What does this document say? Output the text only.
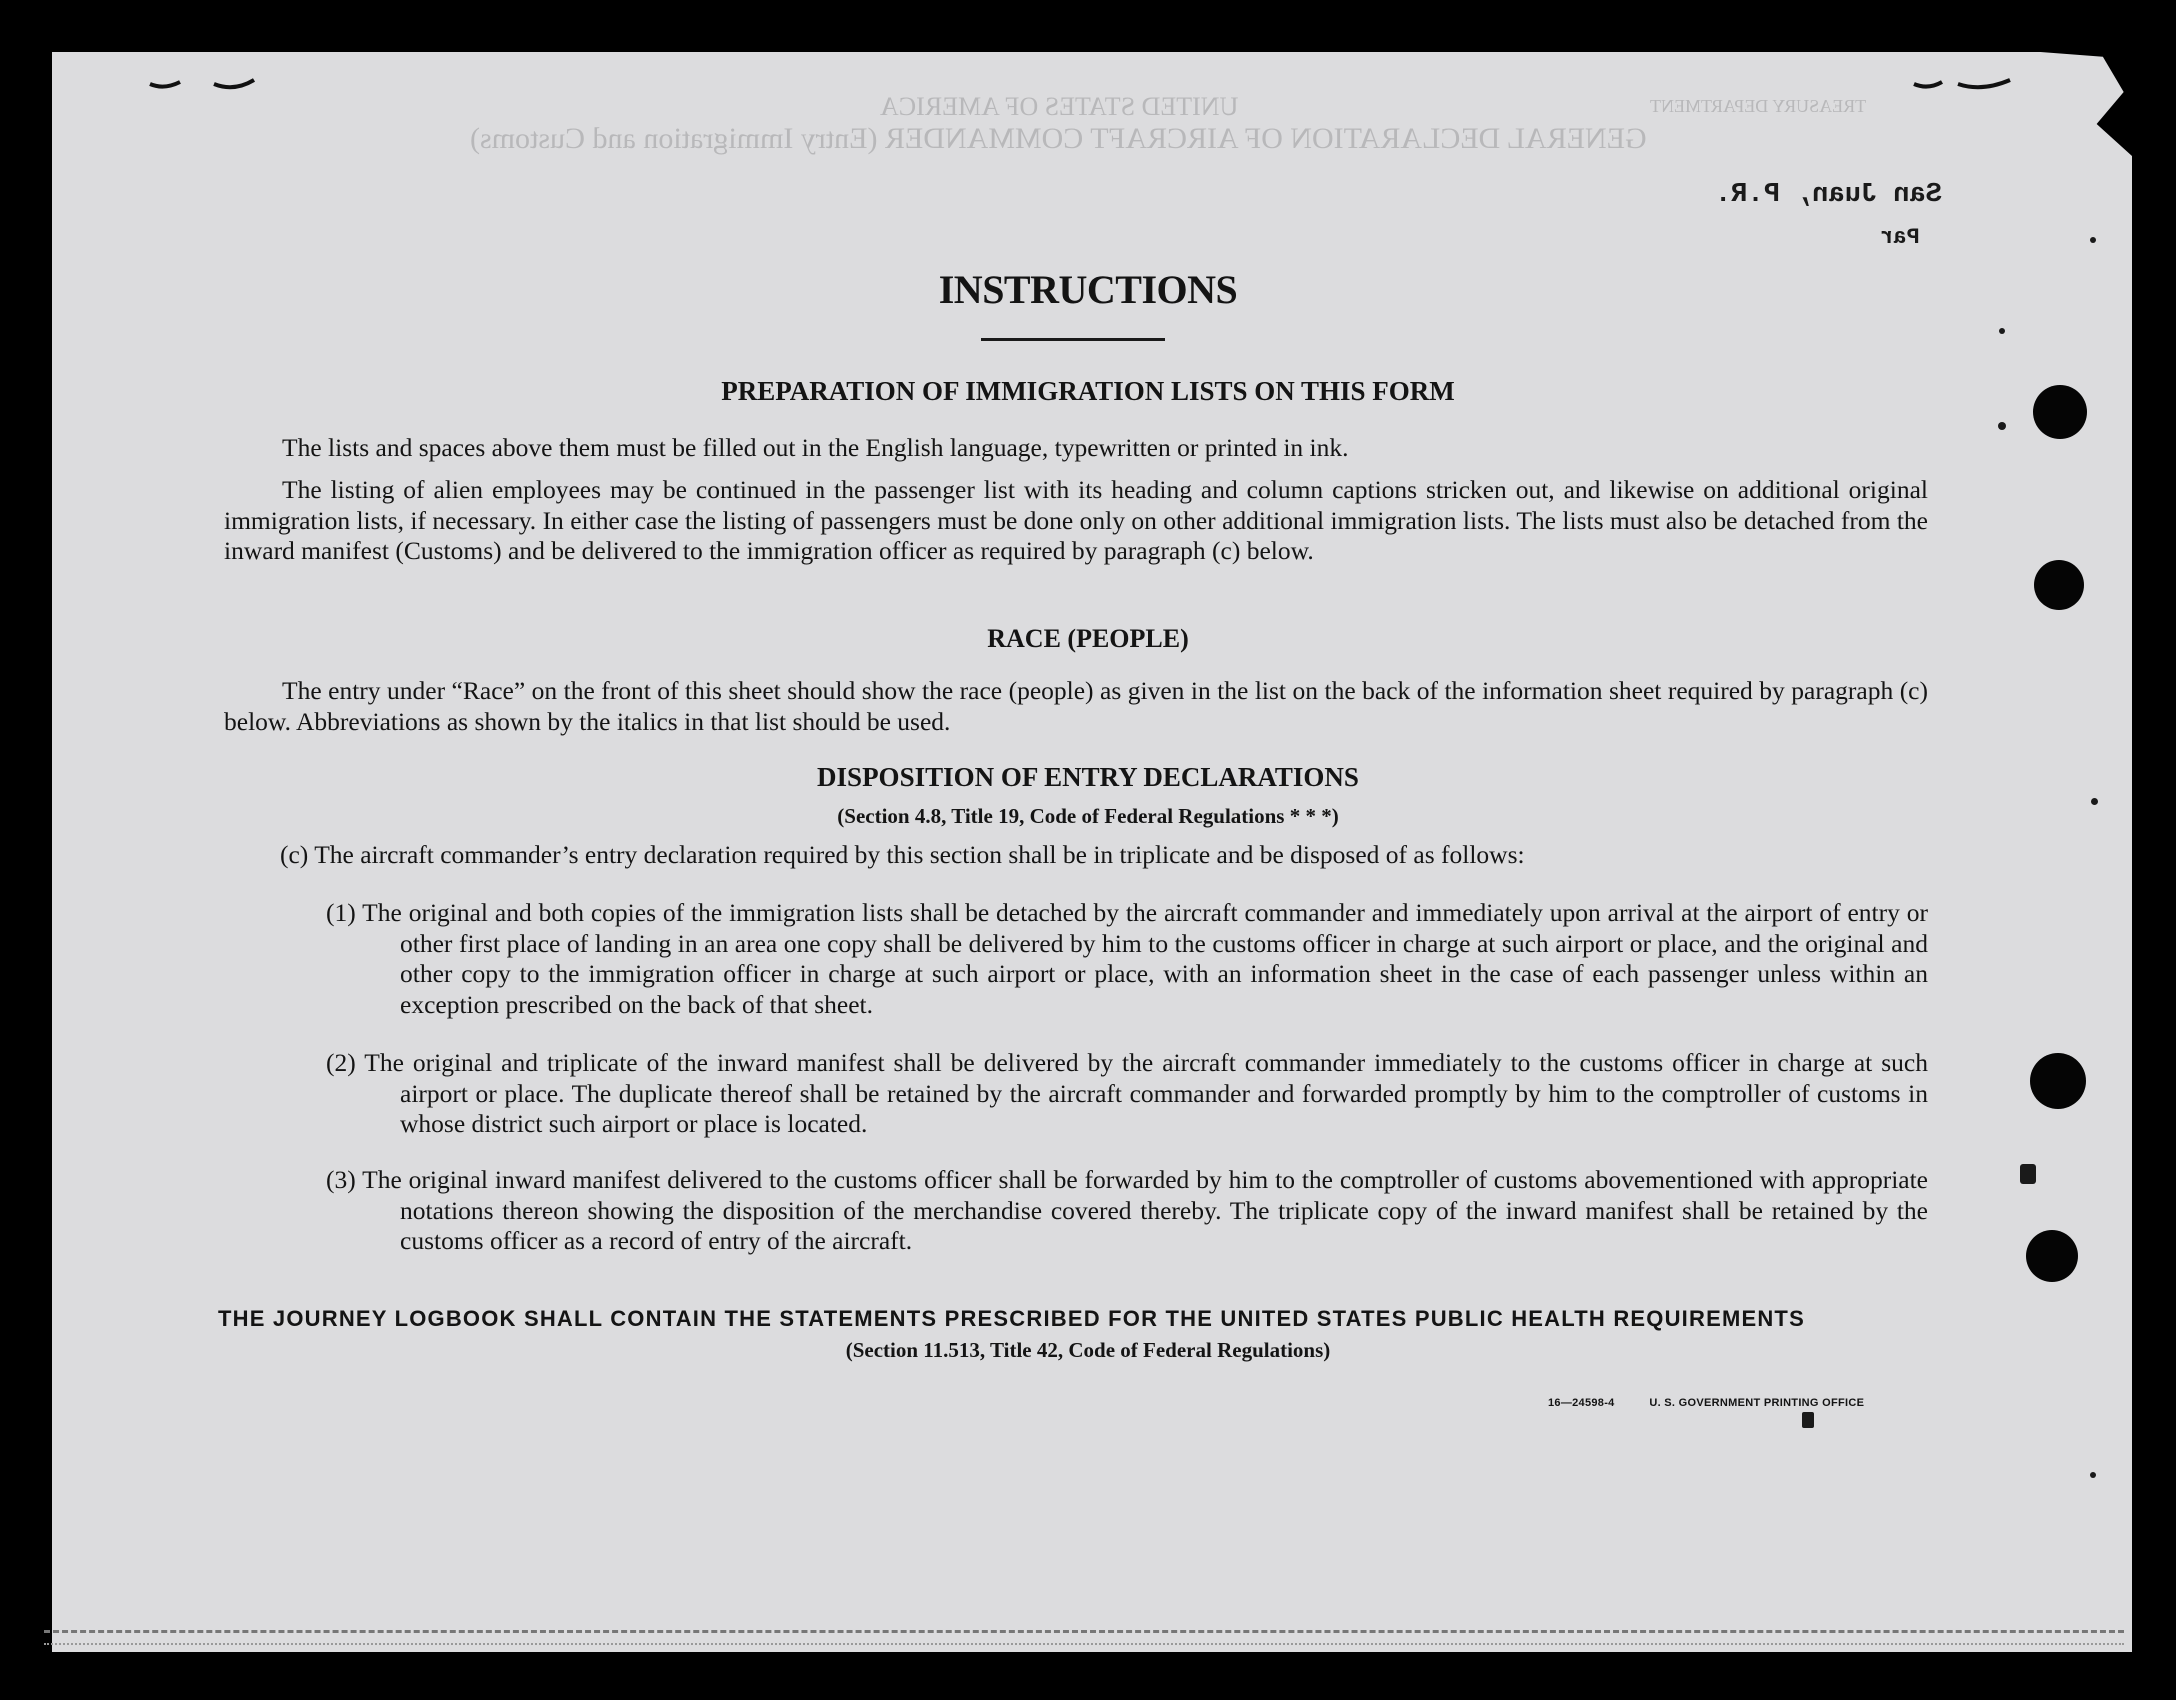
UNITED STATES OF AMERICA
GENERAL DECLARATION OF AIRCRAFT COMMANDER (Entry Immigration and Customs)
TREASURY DEPARTMENT
San Juan, P.R.
Par
INSTRUCTIONS
PREPARATION OF IMMIGRATION LISTS ON THIS FORM
The lists and spaces above them must be filled out in the English language, typewritten or printed in ink.
The listing of alien employees may be continued in the passenger list with its heading and column captions stricken out, and likewise on additional original immigration lists, if necessary. In either case the listing of passengers must be done only on other additional immigration lists. The lists must also be detached from the inward manifest (Customs) and be delivered to the immigration officer as required by paragraph (c) below.
RACE (PEOPLE)
The entry under “Race” on the front of this sheet should show the race (people) as given in the list on the back of the information sheet required by paragraph (c) below. Abbreviations as shown by the italics in that list should be used.
DISPOSITION OF ENTRY DECLARATIONS
(Section 4.8, Title 19, Code of Federal Regulations * * *)
(c) The aircraft commander’s entry declaration required by this section shall be in triplicate and be disposed of as follows:
(1) The original and both copies of the immigration lists shall be detached by the aircraft commander and immediately upon arrival at the airport of entry or other first place of landing in an area one copy shall be delivered by him to the customs officer in charge at such airport or place, and the original and other copy to the immigration officer in charge at such airport or place, with an information sheet in the case of each passenger unless within an exception prescribed on the back of that sheet.
(2) The original and triplicate of the inward manifest shall be delivered by the aircraft commander immediately to the customs officer in charge at such airport or place. The duplicate thereof shall be retained by the aircraft commander and forwarded promptly by him to the comptroller of customs in whose district such airport or place is located.
(3) The original inward manifest delivered to the customs officer shall be forwarded by him to the comptroller of customs abovementioned with appropriate notations thereon showing the disposition of the merchandise covered thereby. The triplicate copy of the inward manifest shall be retained by the customs officer as a record of entry of the aircraft.
THE JOURNEY LOGBOOK SHALL CONTAIN THE STATEMENTS PRESCRIBED FOR THE UNITED STATES PUBLIC HEALTH REQUIREMENTS
(Section 11.513, Title 42, Code of Federal Regulations)
16—24598-4	U. S. GOVERNMENT PRINTING OFFICE
